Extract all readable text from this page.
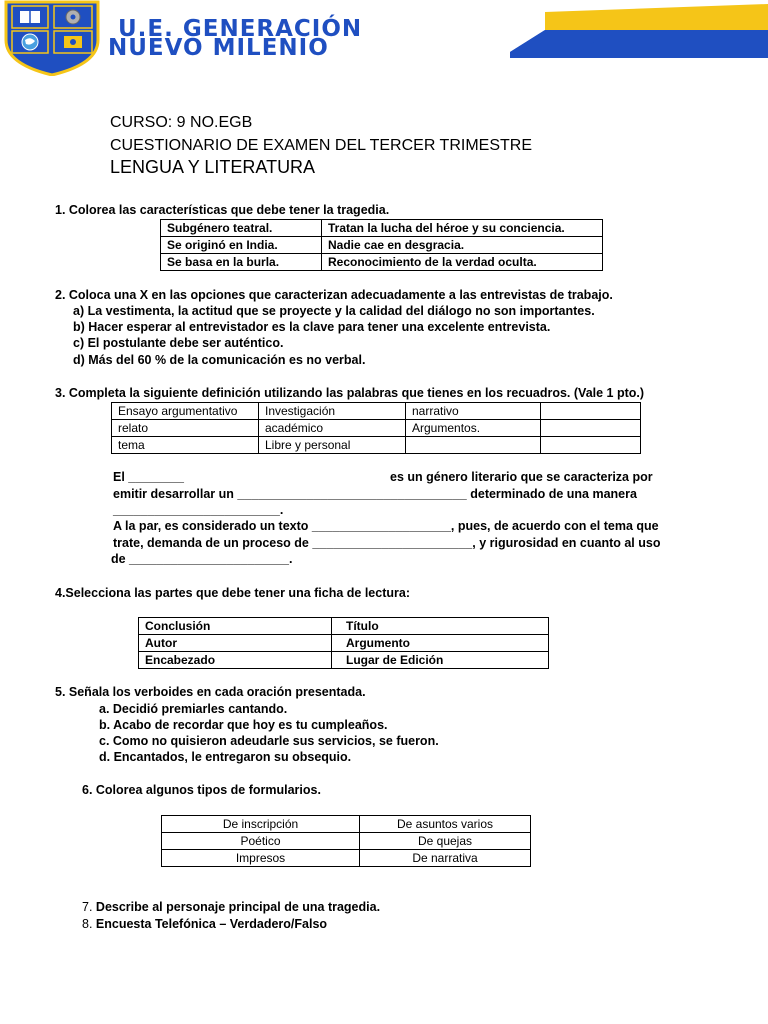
U.E. GENERACIÓN
NUEVO MILENIO
CURSO: 9 NO.EGB
CUESTIONARIO DE EXAMEN DEL TERCER TRIMESTRE
LENGUA Y LITERATURA
1. Colorea las características que debe tener la tragedia.
Subgénero teatral.	Tratan la lucha del héroe y su conciencia.
Se originó en India.	Nadie cae en desgracia.
Se basa en la burla.	Reconocimiento de la verdad oculta.
2. Coloca una X en las opciones que caracterizan adecuadamente a las entrevistas de trabajo.
a) La vestimenta, la actitud que se proyecte y la calidad del diálogo no son importantes.
b) Hacer esperar al entrevistador es la clave para tener una excelente entrevista.
c) El postulante debe ser auténtico.
d) Más del 60 % de la comunicación es no verbal.
3. Completa la siguiente definición utilizando las palabras que tienes en los recuadros. (Vale 1 pto.)
Ensayo argumentativo	Investigación	narrativo	
relato	académico	Argumentos.	
tema	Libre y personal		
El ________	es un género literario que se caracteriza por
emitir desarrollar un _________________________________ determinado de una manera
________________________.
A la par, es considerado un texto ____________________, pues, de acuerdo con el tema que
trate, demanda de un proceso de _______________________, y rigurosidad en cuanto al uso
de _______________________.
4.Selecciona las partes que debe tener una ficha de lectura:
Conclusión	Título
Autor	Argumento
Encabezado	Lugar de Edición
5. Señala los verboides en cada oración presentada.
a. Decidió premiarles cantando.
b. Acabo de recordar que hoy es tu cumpleaños.
c. Como no quisieron adeudarle sus servicios, se fueron.
d. Encantados, le entregaron su obsequio.
6. Colorea algunos tipos de formularios.
De inscripción	De asuntos varios
Poético	De quejas
Impresos	De narrativa
7. Describe al personaje principal de una tragedia.
8. Encuesta Telefónica – Verdadero/Falso
